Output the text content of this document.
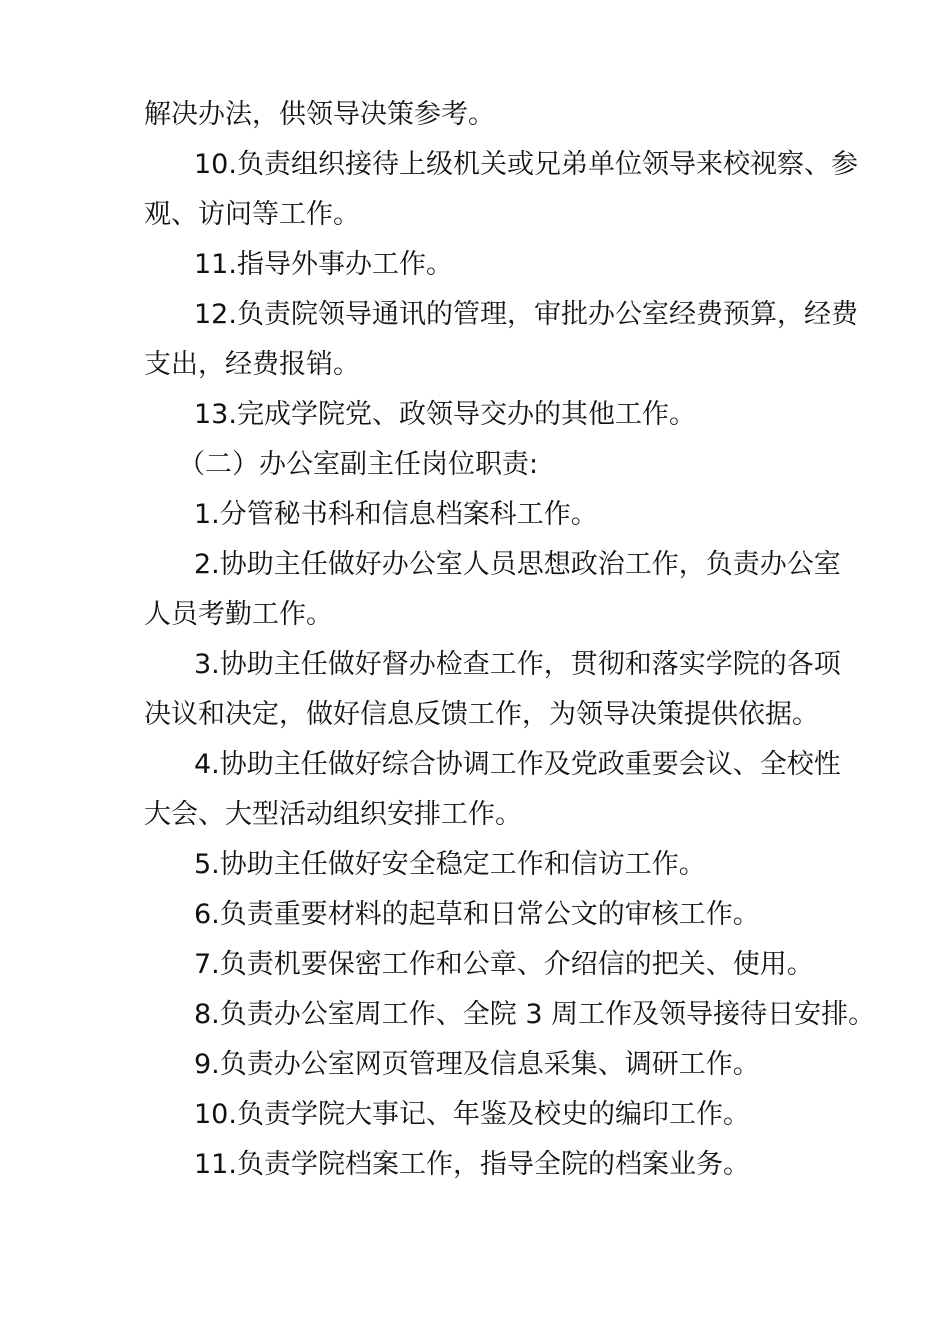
解决办法，供领导决策参考。
10.负责组织接待上级机关或兄弟单位领导来校视察、参
观、访问等工作。
11.指导外事办工作。
12.负责院领导通讯的管理，审批办公室经费预算，经费
支出，经费报销。
13.完成学院党、政领导交办的其他工作。
（二）办公室副主任岗位职责:
1.分管秘书科和信息档案科工作。
2.协助主任做好办公室人员思想政治工作，负责办公室
人员考勤工作。
3.协助主任做好督办检查工作，贯彻和落实学院的各项
决议和决定，做好信息反馈工作，为领导决策提供依据。
4.协助主任做好综合协调工作及党政重要会议、全校性
大会、大型活动组织安排工作。
5.协助主任做好安全稳定工作和信访工作。
6.负责重要材料的起草和日常公文的审核工作。
7.负责机要保密工作和公章、介绍信的把关、使用。
8.负责办公室周工作、全院 3 周工作及领导接待日安排。
9.负责办公室网页管理及信息采集、调研工作。
10.负责学院大事记、年鉴及校史的编印工作。
11.负责学院档案工作，指导全院的档案业务。
